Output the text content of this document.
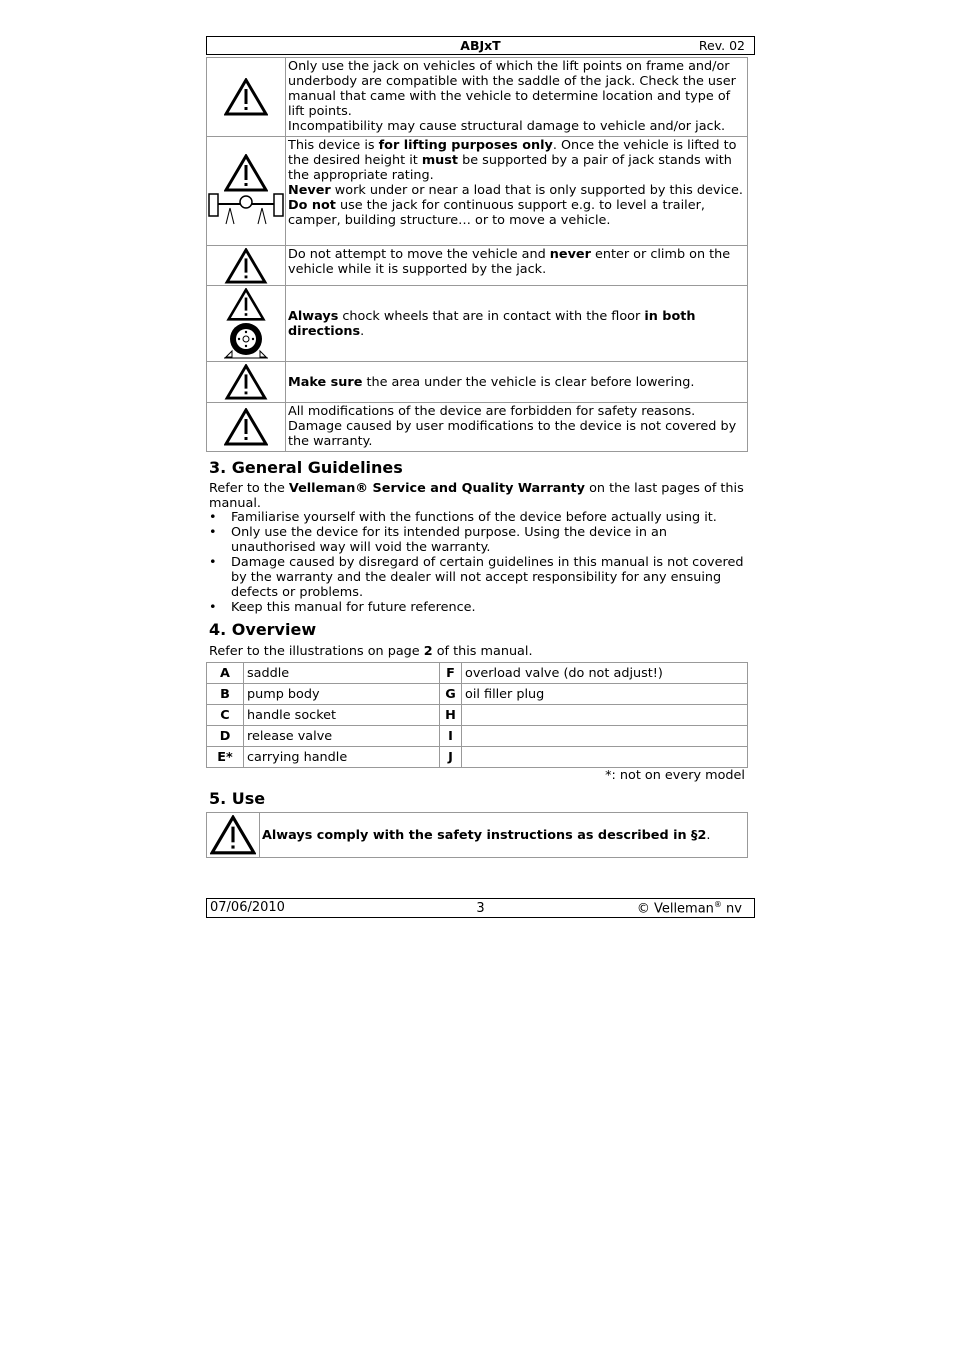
ABJxT	Rev. 02

Only use the jack on vehicles of which the lift points on frame and/or underbody are compatible with the saddle of the jack. Check the user manual that came with the vehicle to determine location and type of lift points.
Incompatibility may cause structural damage to vehicle and/or jack.

This device is for lifting purposes only. Once the vehicle is lifted to the desired height it must be supported by a pair of jack stands with the appropriate rating.
Never work under or near a load that is only supported by this device.
Do not use the jack for continuous support e.g. to level a trailer, camper, building structure… or to move a vehicle.

	Do not attempt to move the vehicle and never enter or climb on the vehicle while it is supported by the jack.

	Always chock wheels that are in contact with the floor in both directions.
	Make sure the area under the vehicle is clear before lowering.

All modifications of the device are forbidden for safety reasons.
Damage caused by user modifications to the device is not covered by the warranty.
3. General Guidelines
Refer to the Velleman® Service and Quality Warranty on the last pages of this manual.
• Familiarise yourself with the functions of the device before actually using it.
• Only use the device for its intended purpose. Using the device in an unauthorised way will void the warranty.
• Damage caused by disregard of certain guidelines in this manual is not covered by the warranty and the dealer will not accept responsibility for any ensuing defects or problems.
• Keep this manual for future reference.
4. Overview
Refer to the illustrations on page 2 of this manual.
A	saddle	F	overload valve (do not adjust!)
B	pump body	G	oil filler plug
C	handle socket	H	
D	release valve	I	
E*	carrying handle	J	
*: not on every model
5. Use
	Always comply with the safety instructions as described in §2.
07/06/2010	3	© Velleman® nv
